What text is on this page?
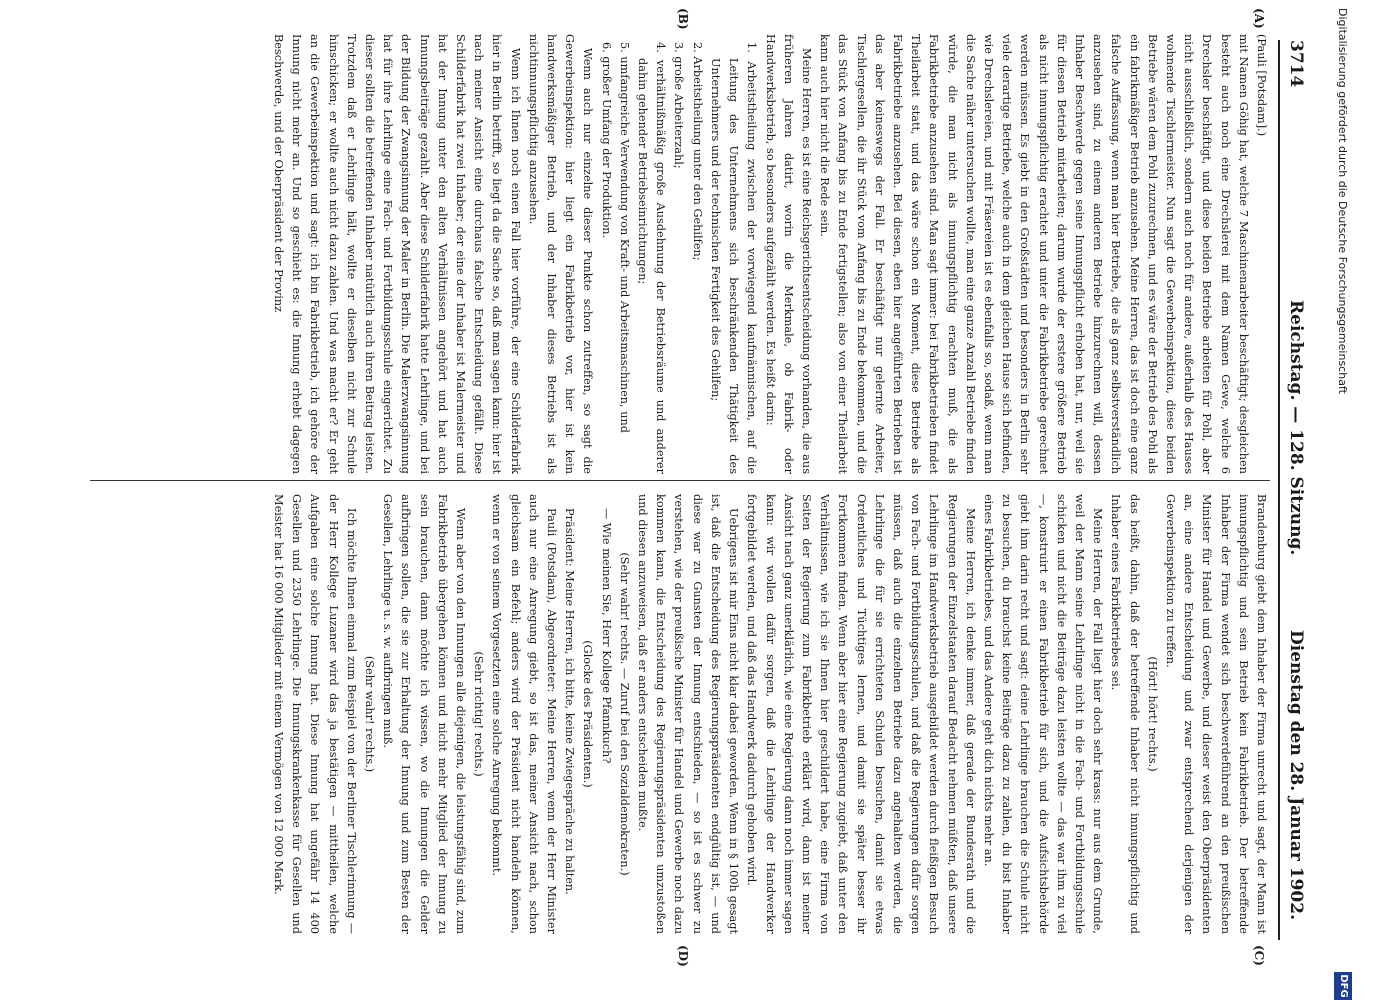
3714
Reichstag. — 128. Sitzung.
Dienstag den 28. Januar 1902.
(A)
(B)
(C)
(D)

(Pauli [Potsdam].)

mit Namen Göhig hat, welche 7 Maschinenarbeiter beschäftigt; desgleichen besteht auch noch eine Drechslerei mit dem Namen Gewe, welche 6 Drechsler beschäftigt, und diese beiden Betriebe arbeiten für Pohl, aber nicht ausschließlich, sondern auch noch für andere, außerhalb des Hauses wohnende Tischlermeister. Nun sagt die Gewerbeinspektion, diese beiden Betriebe wären dem Pohl zuzurechnen, und es wäre der Betrieb des Pohl als ein fabrikmäßiger Betrieb anzusehen. Meine Herren, das ist doch eine ganz falsche Auffassung, wenn man hier Betriebe, die als ganz selbstverständlich anzusehen sind, zu einem anderen Betriebe hinzurechnen will, dessen Inhaber Beschwerde gegen seine Innungspflicht erhoben hat, nur, weil sie für diesen Betrieb mitarbeiten; darum wurde der erstere größere Betrieb als nicht innungspflichtig erachtet und unter die Fabrikbetriebe gerechnet werden müssen. Es giebt in den Großstädten und besonders in Berlin sehr viele derartige Betriebe, welche auch in dem gleichen Hause sich befinden, wie Drechslereien, und mit Fräsereien ist es ebenfalls so, sodaß, wenn man die Sache näher untersuchen wollte, man eine ganze Anzahl Betriebe finden würde, die man nicht als innungspflichtig erachten muß, die als Fabrikbetriebe anzusehen sind. Man sagt immer: bei Fabrikbetrieben findet Theilarbeit statt, und das wäre schon ein Moment, diese Betriebe als Fabrikbetriebe anzusehen. Bei diesen, eben hier angeführten Betrieben ist das aber keineswegs der Fall. Er beschäftigt nur gelernte Arbeiter, Tischlergesellen, die ihr Stück vom Anfang bis zu Ende bekommen, und die das Stück von Anfang bis zu Ende fertigstellen; also von einer Theilarbeit kann auch hier nicht die Rede sein.

Meine Herren, es ist eine Reichsgerichtsentscheidung vorhanden, die aus früheren Jahren datirt, worin die Merkmale, ob Fabrik- oder Handwerksbetrieb, so besonders aufgezählt werden. Es heißt darin:

1. Arbeitstheilung zwischen der vorwiegend kaufmännischen, auf die Leitung des Unternehmens sich beschränkenden Thätigkeit des Unternehmers und der technischen Fertigkeit des Gehilfen;

2. Arbeitstheilung unter den Gehilfen;

3. große Arbeiterzahl;

4. verhältnißmäßig große Ausdehnung der Betriebsräume und anderer dahin gehender Betriebseinrichtungen;

5. umfangreiche Verwendung von Kraft- und Arbeitsmaschinen, und

6. großer Umfang der Produktion.

Wenn auch nur einzelne dieser Punkte schon zutreffen, so sagt die Gewerbeinspektion: hier liegt ein Fabrikbetrieb vor, hier ist kein handwerksmäßiger Betrieb, und der Inhaber dieses Betriebs ist als nichtinnungspflichtig anzusehen.

Wenn ich Ihnen noch einen Fall hier vorführe, der eine Schilderfabrik hier in Berlin betrifft, so liegt da die Sache so, daß man sagen kann: hier ist nach meiner Ansicht eine durchaus falsche Entscheidung gefällt. Diese Schilderfabrik hat zwei Inhaber; der eine der Inhaber ist Malermeister und hat der Innung unter den alten Verhältnissen angehört und hat auch Innungsbeiträge gezahlt. Aber diese Schilderfabrik hatte Lehrlinge, und bei der Bildung der Zwangsinnung der Maler in Berlin. Die Malerzwangsinnung hat für ihre Lehrlinge eine Fach- und Fortbildungsschule eingerichtet. Zu dieser sollten die betreffenden Inhaber natürlich auch ihren Beitrag leisten. Trotzdem daß er Lehrlinge hält, wollte er dieselben nicht zur Schule hinschicken; er wollte auch nicht dazu zahlen. Und was macht er? Er geht an die Gewerbeinspektion und sagt: ich bin Fabrikbetrieb, ich gehöre der Innung nicht mehr an. Und so geschieht es: die Innung erhebt dagegen Beschwerde, und der Oberpräsident der Provinz

Brandenburg giebt dem Inhaber der Firma unrecht und sagt, der Mann ist innungspflichtig und sein Betrieb kein Fabrikbetrieb. Der betreffende Inhaber der Firma wendet sich beschwerdeführend an den preußischen Minister für Handel und Gewerbe, und dieser weist den Oberpräsidenten an, eine andere Entscheidung und zwar entsprechend derjenigen der Gewerbeinspektion zu treffen.

(Hört! hört! rechts.)

das heißt, dahin, daß der betreffende Inhaber nicht innungspflichtig und Inhaber eines Fabrikbetriebes sei.

Meine Herren, der Fall liegt hier doch sehr krass: nur aus dem Grunde, weil der Mann seine Lehrlinge nicht in die Fach- und Fortbildungsschule schicken und nicht die Beiträge dazu leisten wollte — das war ihm zu viel —, konstruirt er einen Fabrikbetrieb für sich, und die Aufsichtsbehörde giebt ihm darin recht und sagt: deine Lehrlinge brauchen die Schule nicht zu besuchen, du brauchst keine Beiträge dazu zu zahlen, du bist Inhaber eines Fabrikbetriebes, und das Andere geht dich nichts mehr an.

Meine Herren, ich denke immer, daß gerade der Bundesrath und die Regierungen der Einzelstaaten darauf Bedacht nehmen müßten, daß unsere Lehrlinge im Handwerksbetrieb ausgebildet werden durch fleißigen Besuch von Fach- und Fortbildungsschulen, und daß die Regierungen dafür sorgen müssen, daß auch die einzelnen Betriebe dazu angehalten werden, die Lehrlinge die für sie errichteten Schulen besuchen, damit sie etwas Ordentliches und Tüchtiges lernen, und damit sie später besser ihr Fortkommen finden. Wenn aber hier eine Regierung zugiebt, daß unter den Verhältnissen, wie ich sie Ihnen hier geschildert habe, eine Firma von Seiten der Regierung zum Fabrikbetrieb erklärt wird, dann ist meiner Ansicht nach ganz unerklärlich, wie eine Regierung dann noch immer sagen kann: wir wollen dafür sorgen, daß die Lehrlinge der Handwerker fortgebildet werden, und daß das Handwerk dadurch gehoben wird.

Uebrigens ist mir Eins nicht klar dabei geworden. Wenn in § 100h gesagt ist, daß die Entscheidung des Regierungspräsidenten endgültig ist, — und diese war zu Gunsten der Innung entschieden, — so ist es schwer zu verstehen, wie der preußische Minister für Handel und Gewerbe noch dazu kommen kann, die Entscheidung des Regierungspräsidenten umzustoßen und diesen anzuweisen, daß er anders entscheiden mußte.

(Sehr wahr! rechts. — Zuruf bei den Sozialdemokraten.)

— Wie meinen Sie, Herr Kollege Pfannkuch?

(Glocke des Präsidenten.)

Präsident: Meine Herren, ich bitte, keine Zwiegespräche zu halten.

Pauli (Potsdam), Abgeordneter: Meine Herren, wenn der Herr Minister auch nur eine Anregung giebt, so ist das, meiner Ansicht nach, schon gleichsam ein Befehl; anders wird der Präsident nicht handeln können, wenn er von seinem Vorgesetzten eine solche Anregung bekommt.

(Sehr richtig! rechts.)

Wenn aber von den Innungen alle diejenigen, die leistungsfähig sind, zum Fabrikbetrieb übergehen können und nicht mehr Mitglied der Innung zu sein brauchen, dann möchte ich wissen, wo die Innungen die Gelder aufbringen sollen, die sie zur Erhaltung der Innung und zum Besten der Gesellen, Lehrlinge u. s. w. aufbringen muß.

(Sehr wahr! rechts.)

Ich möchte Ihnen einmal zum Beispiel von der Berliner Tischlerinnung — der Herr Kollege Luzaner wird das ja bestätigen — mittheilen, welche Aufgaben eine solche Innung hat. Diese Innung hat ungefähr 14 400 Gesellen und 2350 Lehrlinge. Die Innungskrankenkasse für Gesellen und Meister hat 16 000 Mitglieder mit einem Vermögen von 12 000 Mark.

Digitalisierung gefördert durch die Deutsche Forschungsgemeinschaft
DFG
